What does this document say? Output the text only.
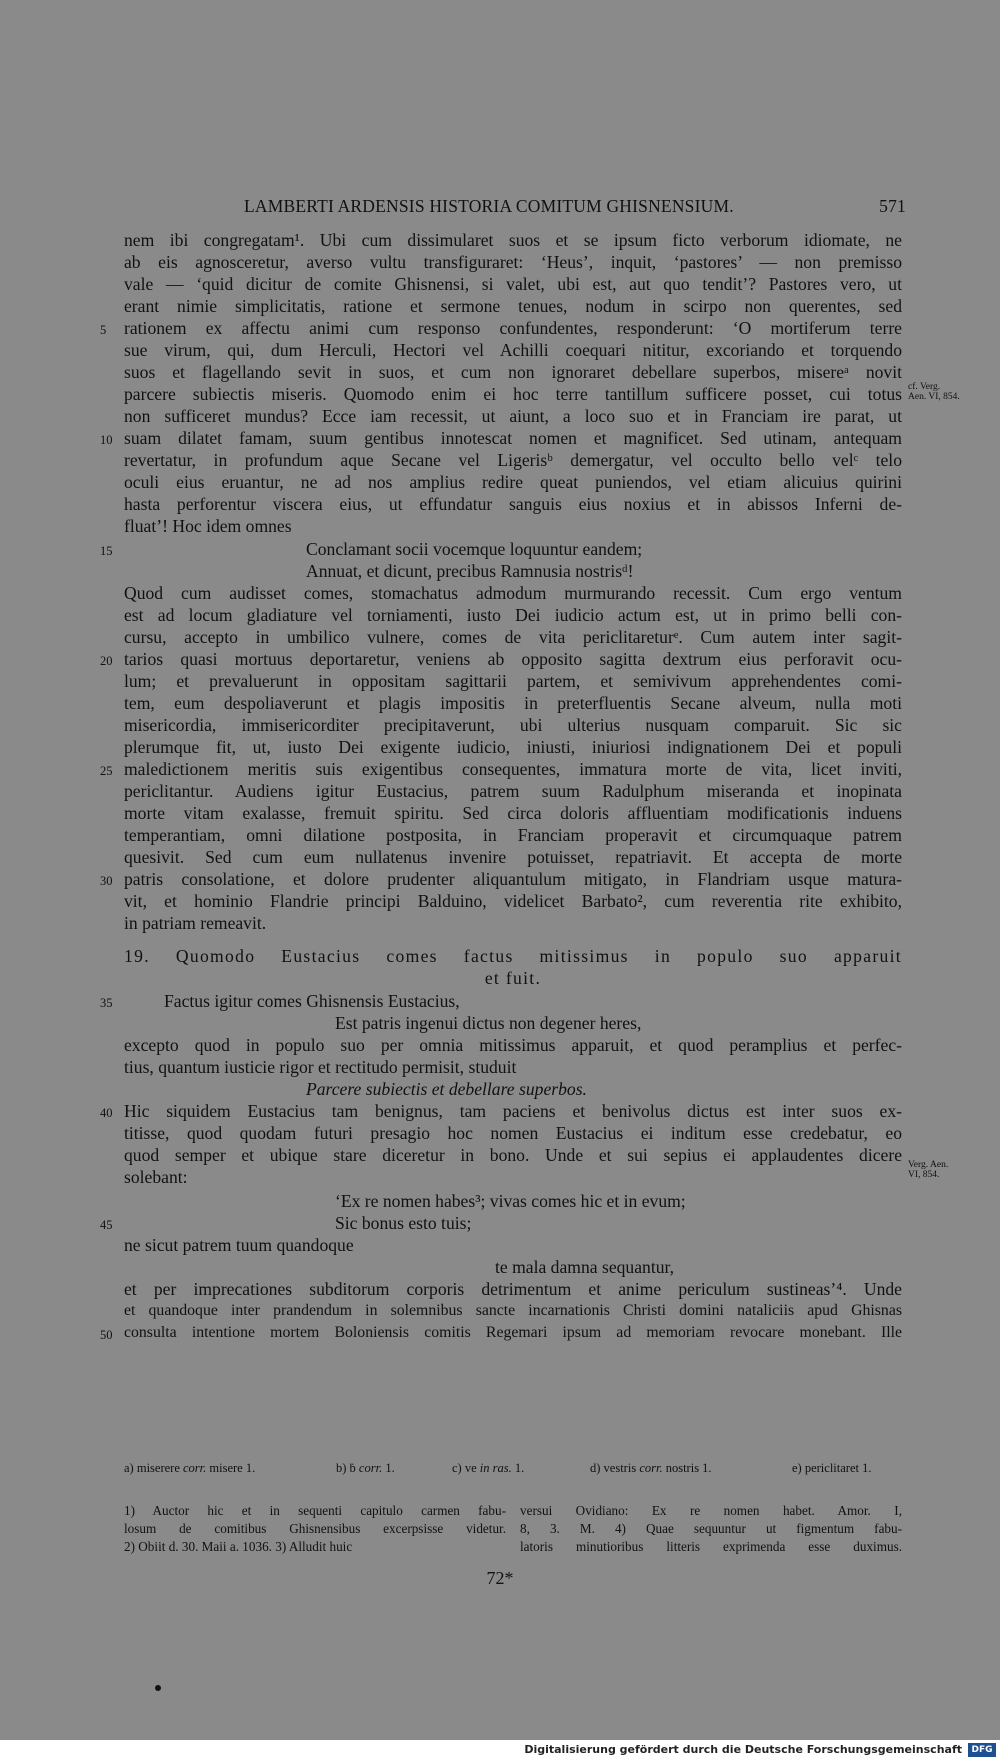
LAMBERTI ARDENSIS HISTORIA COMITUM GHISNENSIUM.	571
nem ibi congregatam¹. Ubi cum dissimularet suos et se ipsum ficto verborum idiomate, ne
ab eis agnosceretur, averso vultu transfiguraret: ‘Heus’, inquit, ‘pastores’ — non premisso
vale — ‘quid dicitur de comite Ghisnensi, si valet, ubi est, aut quo tendit’? Pastores vero, ut
erant nimie simplicitatis, ratione et sermone tenues, nodum in scirpo non querentes, sed
rationem ex affectu animi cum responso confundentes, responderunt: ‘O mortiferum terre
sue virum, qui, dum Herculi, Hectori vel Achilli coequari nititur, excoriando et torquendo
suos et flagellando sevit in suos, et cum non ignoraret debellare superbos, misereᵃ novit
parcere subiectis miseris. Quomodo enim ei hoc terre tantillum sufficere posset, cui totus
non sufficeret mundus? Ecce iam recessit, ut aiunt, a loco suo et in Franciam ire parat, ut
suam dilatet famam, suum gentibus innotescat nomen et magnificet. Sed utinam, antequam
revertatur, in profundum aque Secane vel Ligerisᵇ demergatur, vel occulto bello velᶜ telo
oculi eius eruantur, ne ad nos amplius redire queat puniendos, vel etiam alicuius quirini
hasta perforentur viscera eius, ut effundatur sanguis eius noxius et in abissos Inferni de-
fluat’! Hoc idem omnes
Conclamant socii vocemque loquuntur eandem;
Annuat, et dicunt, precibus Ramnusia nostrisᵈ!
Quod cum audisset comes, stomachatus admodum murmurando recessit. Cum ergo ventum
est ad locum gladiature vel torniamenti, iusto Dei iudicio actum est, ut in primo belli con-
cursu, accepto in umbilico vulnere, comes de vita periclitareturᵉ. Cum autem inter sagit-
tarios quasi mortuus deportaretur, veniens ab opposito sagitta dextrum eius perforavit ocu-
lum; et prevaluerunt in oppositam sagittarii partem, et semivivum apprehendentes comi-
tem, eum despoliaverunt et plagis impositis in preterfluentis Secane alveum, nulla moti
misericordia, immisericorditer precipitaverunt, ubi ulterius nusquam comparuit. Sic sic
plerumque fit, ut, iusto Dei exigente iudicio, iniusti, iniuriosi indignationem Dei et populi
maledictionem meritis suis exigentibus consequentes, immatura morte de vita, licet inviti,
periclitantur. Audiens igitur Eustacius, patrem suum Radulphum miseranda et inopinata
morte vitam exalasse, fremuit spiritu. Sed circa doloris affluentiam modificationis induens
temperantiam, omni dilatione postposita, in Franciam properavit et circumquaque patrem
quesivit. Sed cum eum nullatenus invenire potuisset, repatriavit. Et accepta de morte
patris consolatione, et dolore prudenter aliquantulum mitigato, in Flandriam usque matura-
vit, et hominio Flandrie principi Balduino, videlicet Barbato², cum reverentia rite exhibito,
in patriam remeavit.
19. Quomodo Eustacius comes factus mitissimus in populo suo apparuit
et fuit.
Factus igitur comes Ghisnensis Eustacius,
Est patris ingenui dictus non degener heres,
excepto quod in populo suo per omnia mitissimus apparuit, et quod peramplius et perfec-
tius, quantum iusticie rigor et rectitudo permisit, studuit
Parcere subiectis et debellare superbos.
Hic siquidem Eustacius tam benignus, tam paciens et benivolus dictus est inter suos ex-
titisse, quod quodam futuri presagio hoc nomen Eustacius ei inditum esse credebatur, eo
quod semper et ubique stare diceretur in bono. Unde et sui sepius ei applaudentes dicere
solebant:
‘Ex re nomen habes³; vivas comes hic et in evum;
Sic bonus esto tuis;
ne sicut patrem tuum quandoque
te mala damna sequantur,
et per imprecationes subditorum corporis detrimentum et anime periculum sustineas’⁴. Unde
et quandoque inter prandendum in solemnibus sancte incarnationis Christi domini nataliciis apud Ghisnas
consulta intentione mortem Boloniensis comitis Regemari ipsum ad memoriam revocare monebant. Ille
5
10
15
20
25
30
35
40
45
50
cf. Verg.
Aen. VI, 854.
Verg. Aen.
VI, 854.
a) miserere corr. misere 1.	b) ḃ corr. 1.	c) ve in ras. 1.	d) vestris corr. nostris 1.	e) periclitaret 1.
1) Auctor hic et in sequenti capitulo carmen fabu-
losum de comitibus Ghisnensibus excerpsisse videtur.
2) Obiit d. 30. Maii a. 1036. 3) Alludit huic
versui Ovidiano: Ex re nomen habet. Amor. I,
8, 3. M. 4) Quae sequuntur ut figmentum fabu-
latoris minutioribus litteris exprimenda esse duximus.
72*
Digitalisierung gefördert durch die Deutsche Forschungsgemeinschaft	DFG
